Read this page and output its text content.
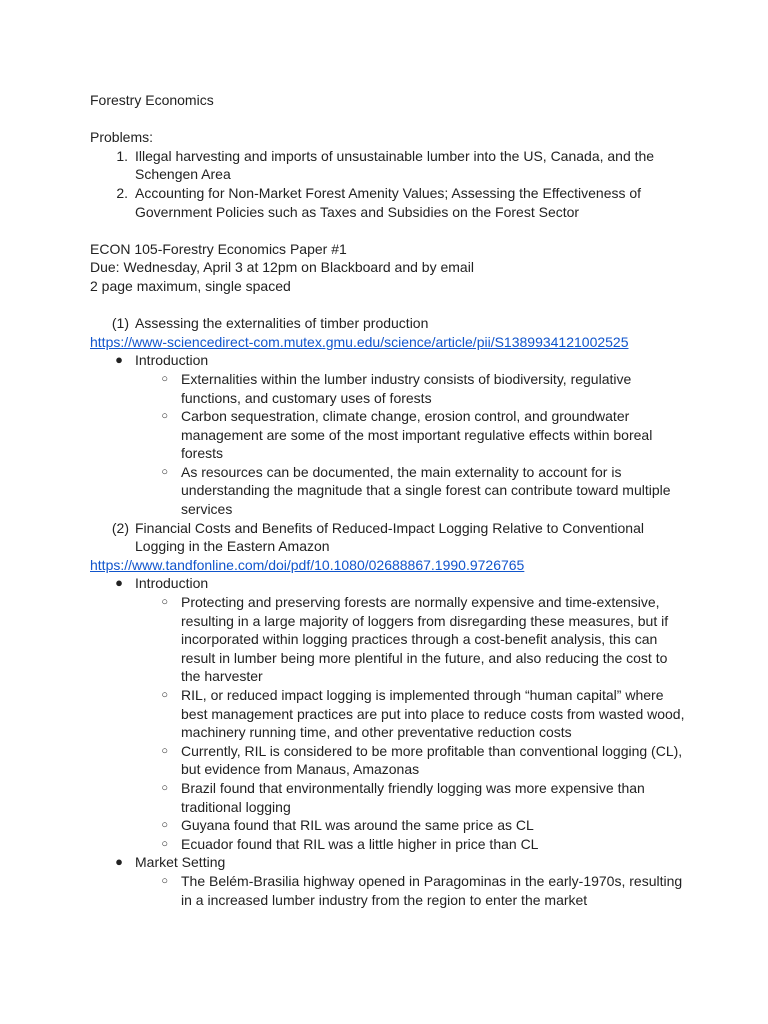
Forestry Economics

Problems:

1. Illegal harvesting and imports of unsustainable lumber into the US, Canada, and the
Schengen Area
2. Accounting for Non-Market Forest Amenity Values; Assessing the Effectiveness of
Government Policies such as Taxes and Subsidies on the Forest Sector

ECON 105-Forestry Economics Paper #1

Due: Wednesday, April 3 at 12pm on Blackboard and by email

2 page maximum, single spaced

(1) Assessing the externalities of timber production
https://www-sciencedirect-com.mutex.gmu.edu/science/article/pii/S1389934121002525
● Introduction
○ Externalities within the lumber industry consists of biodiversity, regulative
functions, and customary uses of forests
○ Carbon sequestration, climate change, erosion control, and groundwater
management are some of the most important regulative effects within boreal
forests
○ As resources can be documented, the main externality to account for is
understanding the magnitude that a single forest can contribute toward multiple
services
(2) Financial Costs and Benefits of Reduced-Impact Logging Relative to Conventional
Logging in the Eastern Amazon
https://www.tandfonline.com/doi/pdf/10.1080/02688867.1990.9726765
● Introduction
○ Protecting and preserving forests are normally expensive and time-extensive,
resulting in a large majority of loggers from disregarding these measures, but if
incorporated within logging practices through a cost-benefit analysis, this can
result in lumber being more plentiful in the future, and also reducing the cost to
the harvester
○ RIL, or reduced impact logging is implemented through “human capital” where
best management practices are put into place to reduce costs from wasted wood,
machinery running time, and other preventative reduction costs
○ Currently, RIL is considered to be more profitable than conventional logging (CL),
but evidence from Manaus, Amazonas
○ Brazil found that environmentally friendly logging was more expensive than
traditional logging
○ Guyana found that RIL was around the same price as CL
○ Ecuador found that RIL was a little higher in price than CL
● Market Setting
○ The Belém-Brasilia highway opened in Paragominas in the early-1970s, resulting
in a increased lumber industry from the region to enter the market
